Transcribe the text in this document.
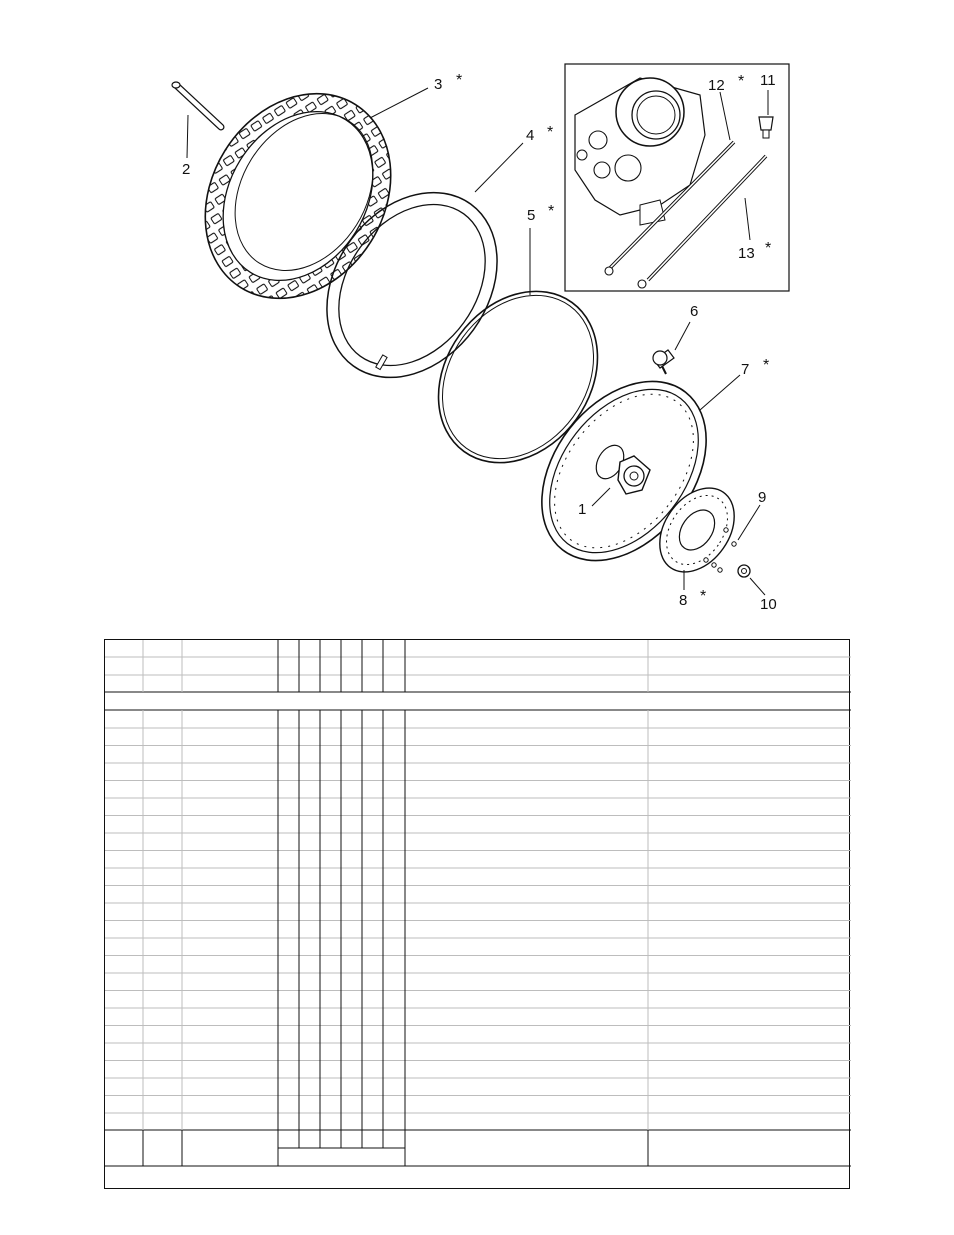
1
2
3 *
4 *
5 *
6
7 *
8 *
9
10
11
12 *
13 *
